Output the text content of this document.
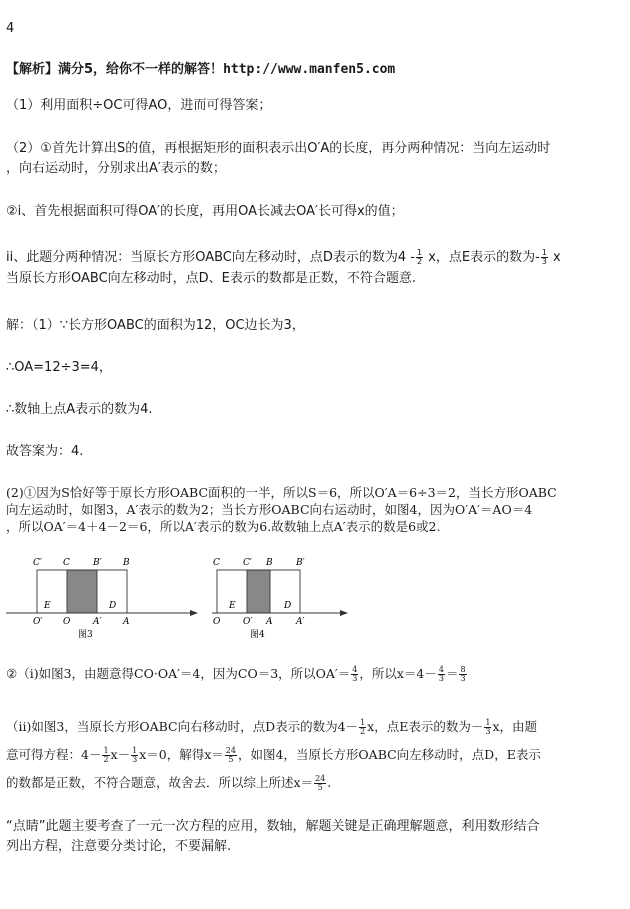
4
【解析】满分5，给你不一样的解答！http://www.manfen5.com
（1）利用面积÷OC可得AO，进而可得答案；
（2）①首先计算出S的值，再根据矩形的面积表示出O′A的长度，再分两种情况：当向左运动时
，向右运动时，分别求出A′表示的数；
②i、首先根据面积可得OA′的长度，再用OA长减去OA′长可得x的值；
ii、此题分两种情况：当原长方形OABC向左移动时，点D表示的数为$4 - \frac{1}{2}$ x，点E表示的数为- $\frac{1}{3}$ x
当原长方形OABC向左移动时，点D、E表示的数都是正数，不符合题意.
解：（1）∵长方形OABC的面积为12，OC边长为3，
∴OA=12÷3=4，
∴数轴上点A表示的数为4.
故答案为：4.
(2)①因为S恰好等于原长方形OABC面积的一半，所以S＝6，所以O′A＝6÷3＝2，当长方形OABC
向左运动时，如图3，A′表示的数为2；当长方形OABC向右运动时，如图4，因为O′A′＝AO＝4
，所以OA′＝4＋4－2＝6，所以A′表示的数为6.故数轴上点A′表示的数是6或2.
C′ C	B′ B
E	D
O′ O	A′ A
图3
C	C′ B	B′
E	D
O	O′ A	A′
图4
②（i)如图3，由题意得CO·OA′＝4，因为CO＝3，所以$OA'= \frac{4}{3}$ ，所以$x=4- \frac{4}{3} = \frac{8}{3}$
（ii)如图3，当原长方形OABC向右移动时，点D表示的数为$4- \frac{1}{2}$ x，点E表示的数为－ $\frac{1}{3}$ x，由题
意可得方程：$4- \frac{1}{2} x- \frac{1}{3} x=0$，解得$x= \frac{24}{5}$ ，如图4，当原长方形OABC向左移动时，点D，E表示
的数都是正数，不符合题意，故舍去．所以综上所述$x= \frac{24}{5}$ .
“点睛”此题主要考查了一元一次方程的应用，数轴，解题关键是正确理解题意，利用数形结合
列出方程，注意要分类讨论，不要漏解.
